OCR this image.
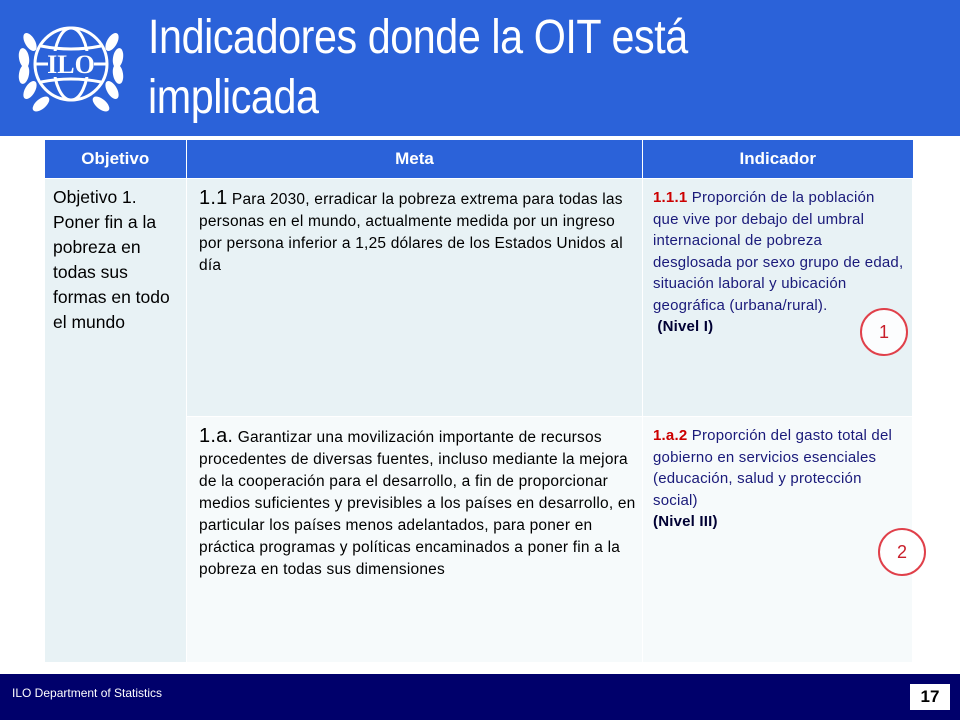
ILO
Indicadores donde la OIT está
implicada
Objetivo	Meta	Indicador
Objetivo 1. Poner fin a la pobreza en todas sus formas en todo el mundo	1.1 Para 2030, erradicar la pobreza extrema para todas las personas en el mundo, actualmente medida por un ingreso por persona inferior a 1,25 dólares de los Estados Unidos al día	1.1.1 Proporción de la población que vive por debajo del umbral internacional de pobreza desglosada por sexo grupo de edad, situación laboral y ubicación geográfica (urbana/rural).
(Nivel I)
	1.a. Garantizar una movilización importante de recursos procedentes de diversas fuentes, incluso mediante la mejora de la cooperación para el desarrollo, a fin de proporcionar medios suficientes y previsibles a los países en desarrollo, en particular los países menos adelantados, para poner en práctica programas y políticas encaminados a poner fin a la pobreza en todas sus dimensiones	1.a.2 Proporción del gasto total del gobierno en servicios esenciales (educación, salud y protección social)
(Nivel III)
1
2
ILO Department of Statistics	17
